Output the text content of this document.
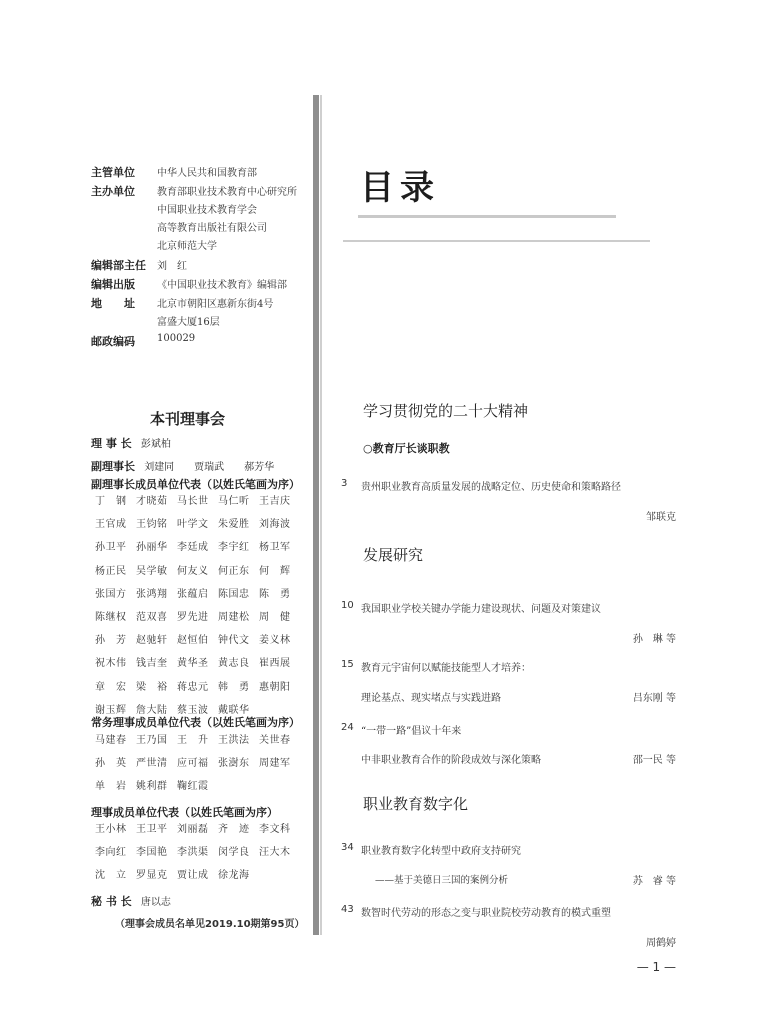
主管单位	中华人民共和国教育部
主办单位	教育部职业技术教育中心研究所
中国职业技术教育学会
高等教育出版社有限公司
北京师范大学
编辑部主任	刘　红
编辑出版	《中国职业技术教育》编辑部
地　　址	北京市朝阳区惠新东街4号
富盛大厦16层
邮政编码	100029
本刊理事会
理 事 长 彭斌柏
副理事长 刘建同　　贾瑞武　　郝芳华
副理事长成员单位代表（以姓氏笔画为序）
丁　钢 才晓茹 马长世 马仁听 王吉庆
王官成 王钧铭 叶学文 朱爱胜 刘海波
孙卫平 孙丽华 李廷成 李宇红 杨卫军
杨正民 吴学敏 何友义 何正东 何　辉
张国方 张鸿翔 张蕴启 陈国忠 陈　勇
陈继权 范双喜 罗先进 周建松 周　健
孙　芳 赵驰轩 赵恒伯 钟代文 姜义林
祝木伟 钱吉奎 黄华圣 黄志良 崔西展
章　宏 梁　裕 蒋忠元 韩　勇 惠朝阳
谢玉辉 詹大陆 蔡玉波 戴联华
常务理事成员单位代表（以姓氏笔画为序）
马建春 王乃国 王　升 王洪法 关世春
孙　英 严世清 应可福 张澍东 周建军
单　岩 姚利群 鞠红霞
理事成员单位代表（以姓氏笔画为序）
王小林 王卫平 刘丽磊 齐　迹 李文科
李向红 李国艳 李洪渠 闵学良 汪大木
沈　立 罗显克 贾让成 徐龙海
秘 书 长 唐以志
（理事会成员名单见2019.10期第95页）
目录
学习贯彻党的二十大精神
○教育厅长谈职教
3 贵州职业教育高质量发展的战略定位、历史使命和策略路径
邹联克
发展研究
10 我国职业学校关键办学能力建设现状、问题及对策建议
孙　琳 等
15 教育元宇宙何以赋能技能型人才培养：
理论基点、现实堵点与实践进路	吕东刚 等
24 “一带一路”倡议十年来
中非职业教育合作的阶段成效与深化策略	邵一民 等
职业教育数字化
34 职业教育数字化转型中政府支持研究
——基于美德日三国的案例分析	苏　睿 等
43 数智时代劳动的形态之变与职业院校劳动教育的模式重塑
周鹤婷
— 1 —
